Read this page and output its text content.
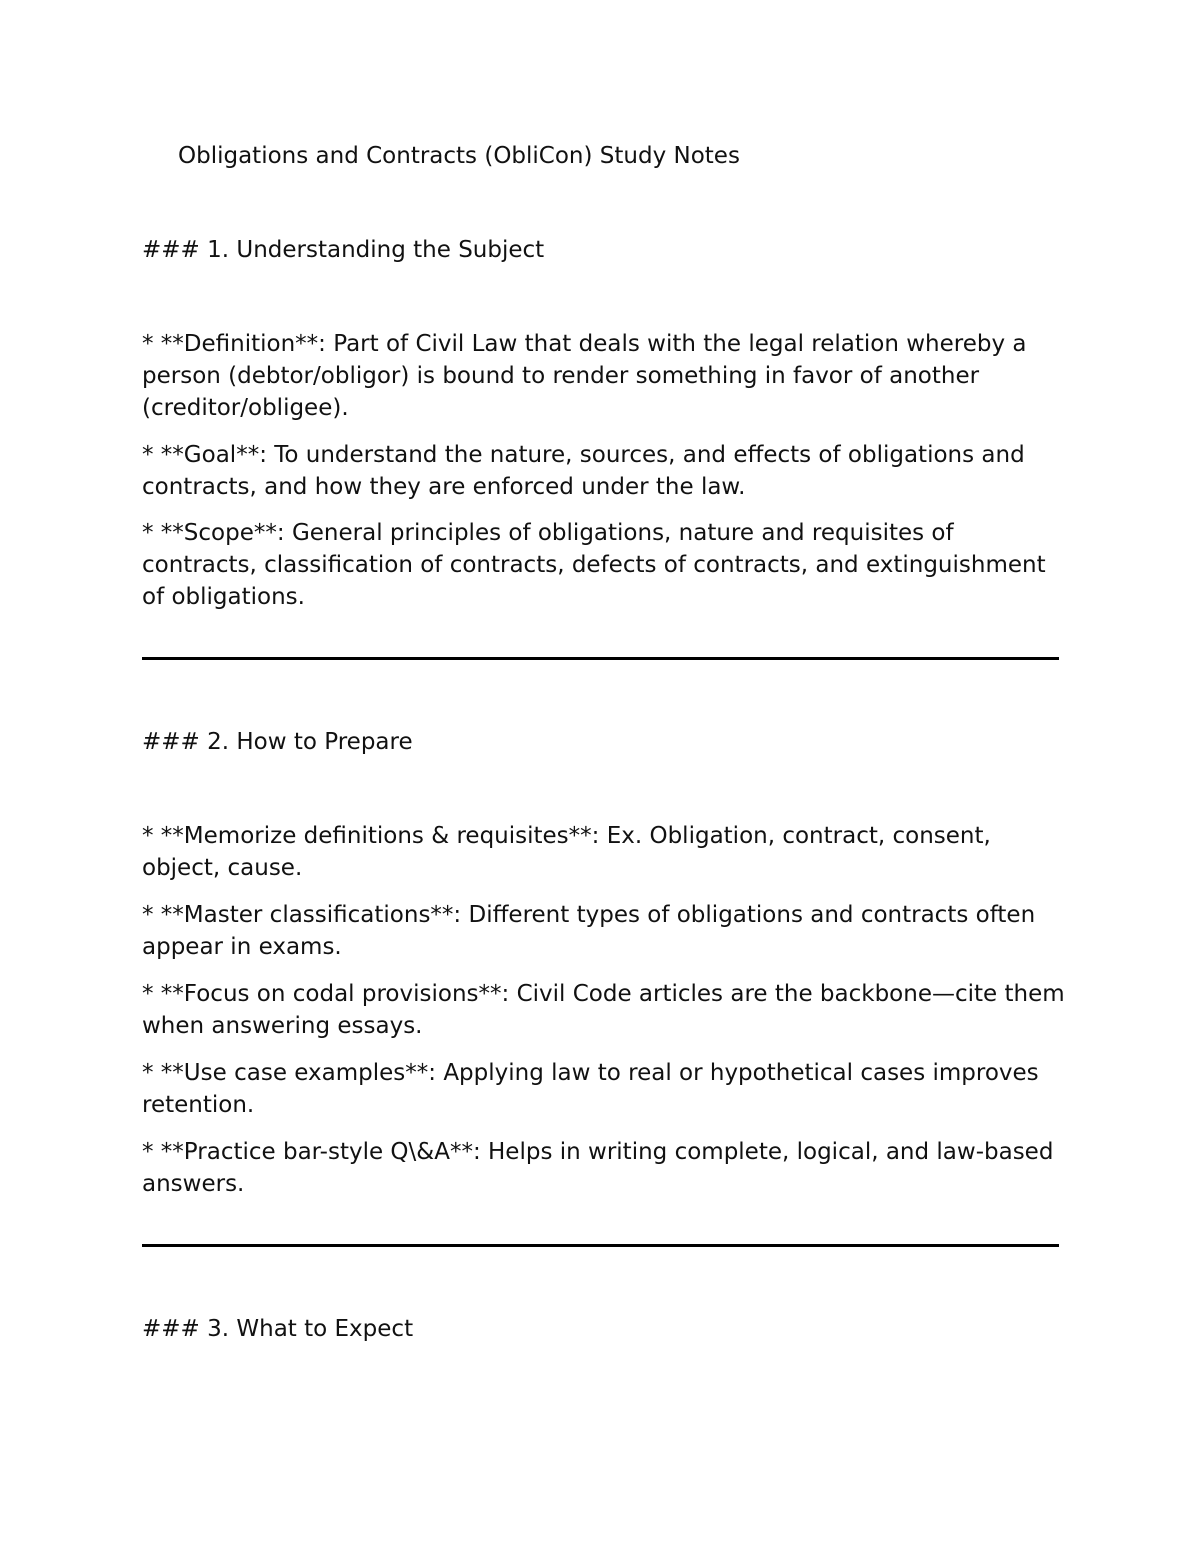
Obligations and Contracts (ObliCon) Study Notes

### 1. Understanding the Subject

* **Definition**: Part of Civil Law that deals with the legal relation whereby a person (debtor/obligor) is bound to render something in favor of another (creditor/obligee).

* **Goal**: To understand the nature, sources, and effects of obligations and contracts, and how they are enforced under the law.

* **Scope**: General principles of obligations, nature and requisites of contracts, classification of contracts, defects of contracts, and extinguishment of obligations.

### 2. How to Prepare

* **Memorize definitions & requisites**: Ex. Obligation, contract, consent, object, cause.

* **Master classifications**: Different types of obligations and contracts often appear in exams.

* **Focus on codal provisions**: Civil Code articles are the backbone—cite them when answering essays.

* **Use case examples**: Applying law to real or hypothetical cases improves retention.

* **Practice bar-style Q\&A**: Helps in writing complete, logical, and law-based answers.

### 3. What to Expect
